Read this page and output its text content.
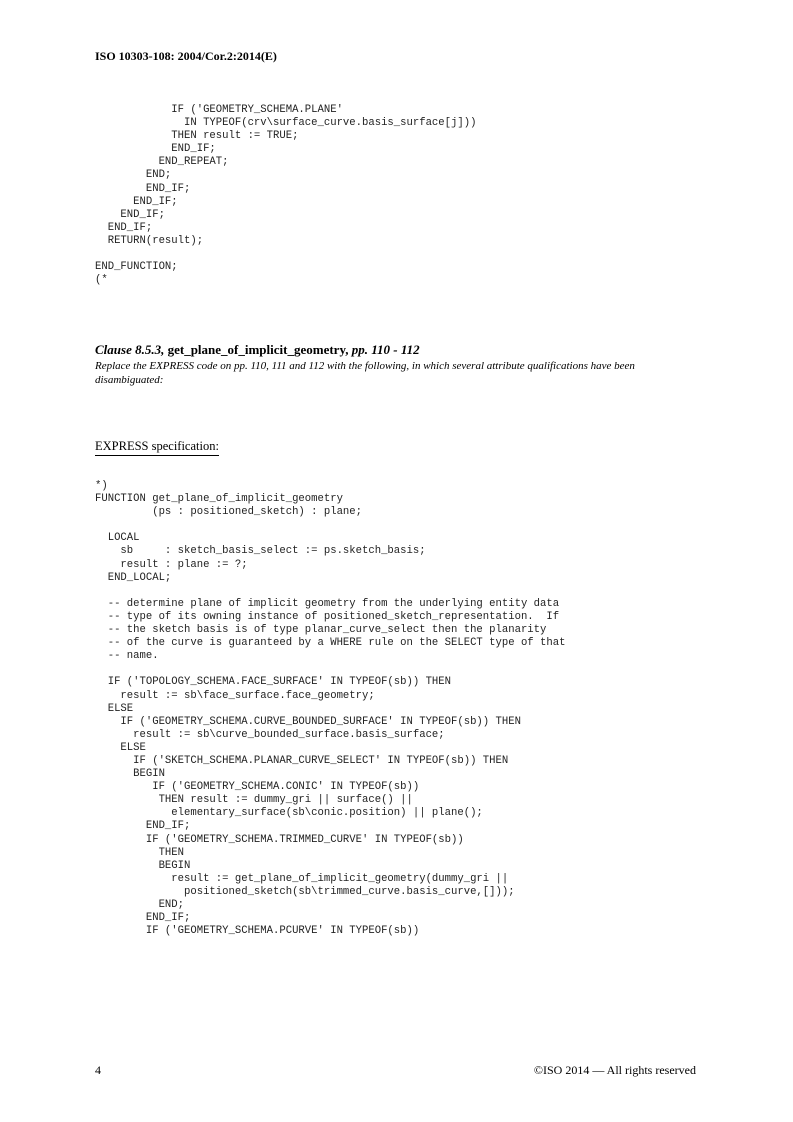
ISO 10303-108: 2004/Cor.2:2014(E)
IF ('GEOMETRY_SCHEMA.PLANE'
IN TYPEOF(crv\surface_curve.basis_surface[j]))
THEN result := TRUE;
END_IF;
END_REPEAT;
END;
END_IF;
END_IF;
END_IF;
END_IF;
RETURN(result);

END_FUNCTION;
(*
Clause 8.5.3, get_plane_of_implicit_geometry, pp. 110 - 112
Replace the EXPRESS code on pp. 110, 111 and 112 with the following, in which several attribute qualifications have been disambiguated:
EXPRESS specification:
*)
FUNCTION get_plane_of_implicit_geometry
(ps : positioned_sketch) : plane;

LOCAL
sb     : sketch_basis_select := ps.sketch_basis;
result : plane := ?;
END_LOCAL;

-- determine plane of implicit geometry from the underlying entity data
-- type of its owning instance of positioned_sketch_representation.  If
-- the sketch basis is of type planar_curve_select then the planarity
-- of the curve is guaranteed by a WHERE rule on the SELECT type of that
-- name.

IF ('TOPOLOGY_SCHEMA.FACE_SURFACE' IN TYPEOF(sb)) THEN
result := sb\face_surface.face_geometry;
ELSE
IF ('GEOMETRY_SCHEMA.CURVE_BOUNDED_SURFACE' IN TYPEOF(sb)) THEN
result := sb\curve_bounded_surface.basis_surface;
ELSE
IF ('SKETCH_SCHEMA.PLANAR_CURVE_SELECT' IN TYPEOF(sb)) THEN
BEGIN
IF ('GEOMETRY_SCHEMA.CONIC' IN TYPEOF(sb))
THEN result := dummy_gri || surface() ||
elementary_surface(sb\conic.position) || plane();
END_IF;
IF ('GEOMETRY_SCHEMA.TRIMMED_CURVE' IN TYPEOF(sb))
THEN
BEGIN
result := get_plane_of_implicit_geometry(dummy_gri ||
positioned_sketch(sb\trimmed_curve.basis_curve,[]));
END;
END_IF;
IF ('GEOMETRY_SCHEMA.PCURVE' IN TYPEOF(sb))
4	©ISO 2014 — All rights reserved
